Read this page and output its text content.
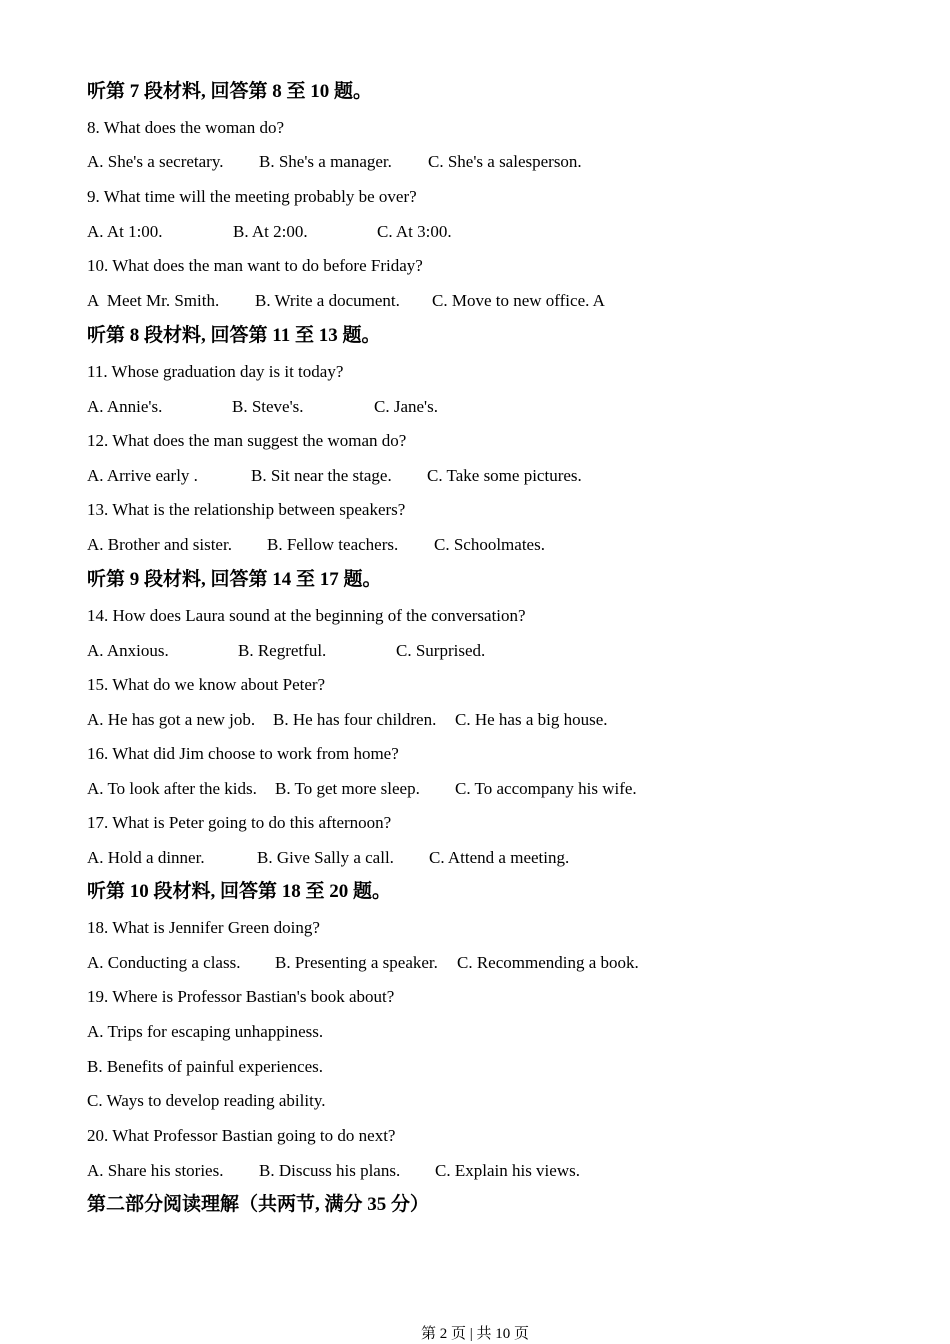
听第 7 段材料, 回答第 8 至 10 题。
8. What does the woman do?

A. She's a secretary.

B. She's a manager.

C. She's a salesperson.

9. What time will the meeting probably be over?

A. At 1:00.

	B. At 2:00.

	C. At 3:00.

10. What does the man want to do before Friday?

A  Meet Mr. Smith.

B. Write a document.

C. Move to new office. A

听第 8 段材料, 回答第 11 至 13 题。
11. Whose graduation day is it today?

A. Annie's.

	B. Steve's.

	C. Jane's.

12. What does the man suggest the woman do?

A. Arrive early .

	B. Sit near the stage.

C. Take some pictures.

13. What is the relationship between speakers?

A. Brother and sister.

B. Fellow teachers.

C. Schoolmates.

听第 9 段材料, 回答第 14 至 17 题。
14. How does Laura sound at the beginning of the conversation?

A. Anxious.

	B. Regretful.

	C. Surprised.

15. What do we know about Peter?

A. He has got a new job.

B. He has four children.

C. He has a big house.

16. What did Jim choose to work from home?

A. To look after the kids.

B. To get more sleep.

C. To accompany his wife.

17. What is Peter going to do this afternoon?

A. Hold a dinner.

	B. Give Sally a call.

C. Attend a meeting.

听第 10 段材料, 回答第 18 至 20 题。
18. What is Jennifer Green doing?

A. Conducting a class.

B. Presenting a speaker.

C. Recommending a book.

19. Where is Professor Bastian's book about?
A. Trips for escaping unhappiness.
B. Benefits of painful experiences.
C. Ways to develop reading ability.
20. What Professor Bastian going to do next?

A. Share his stories.

B. Discuss his plans.

C. Explain his views.

第二部分阅读理解（共两节, 满分 35 分）
第 2 页 | 共 10 页
